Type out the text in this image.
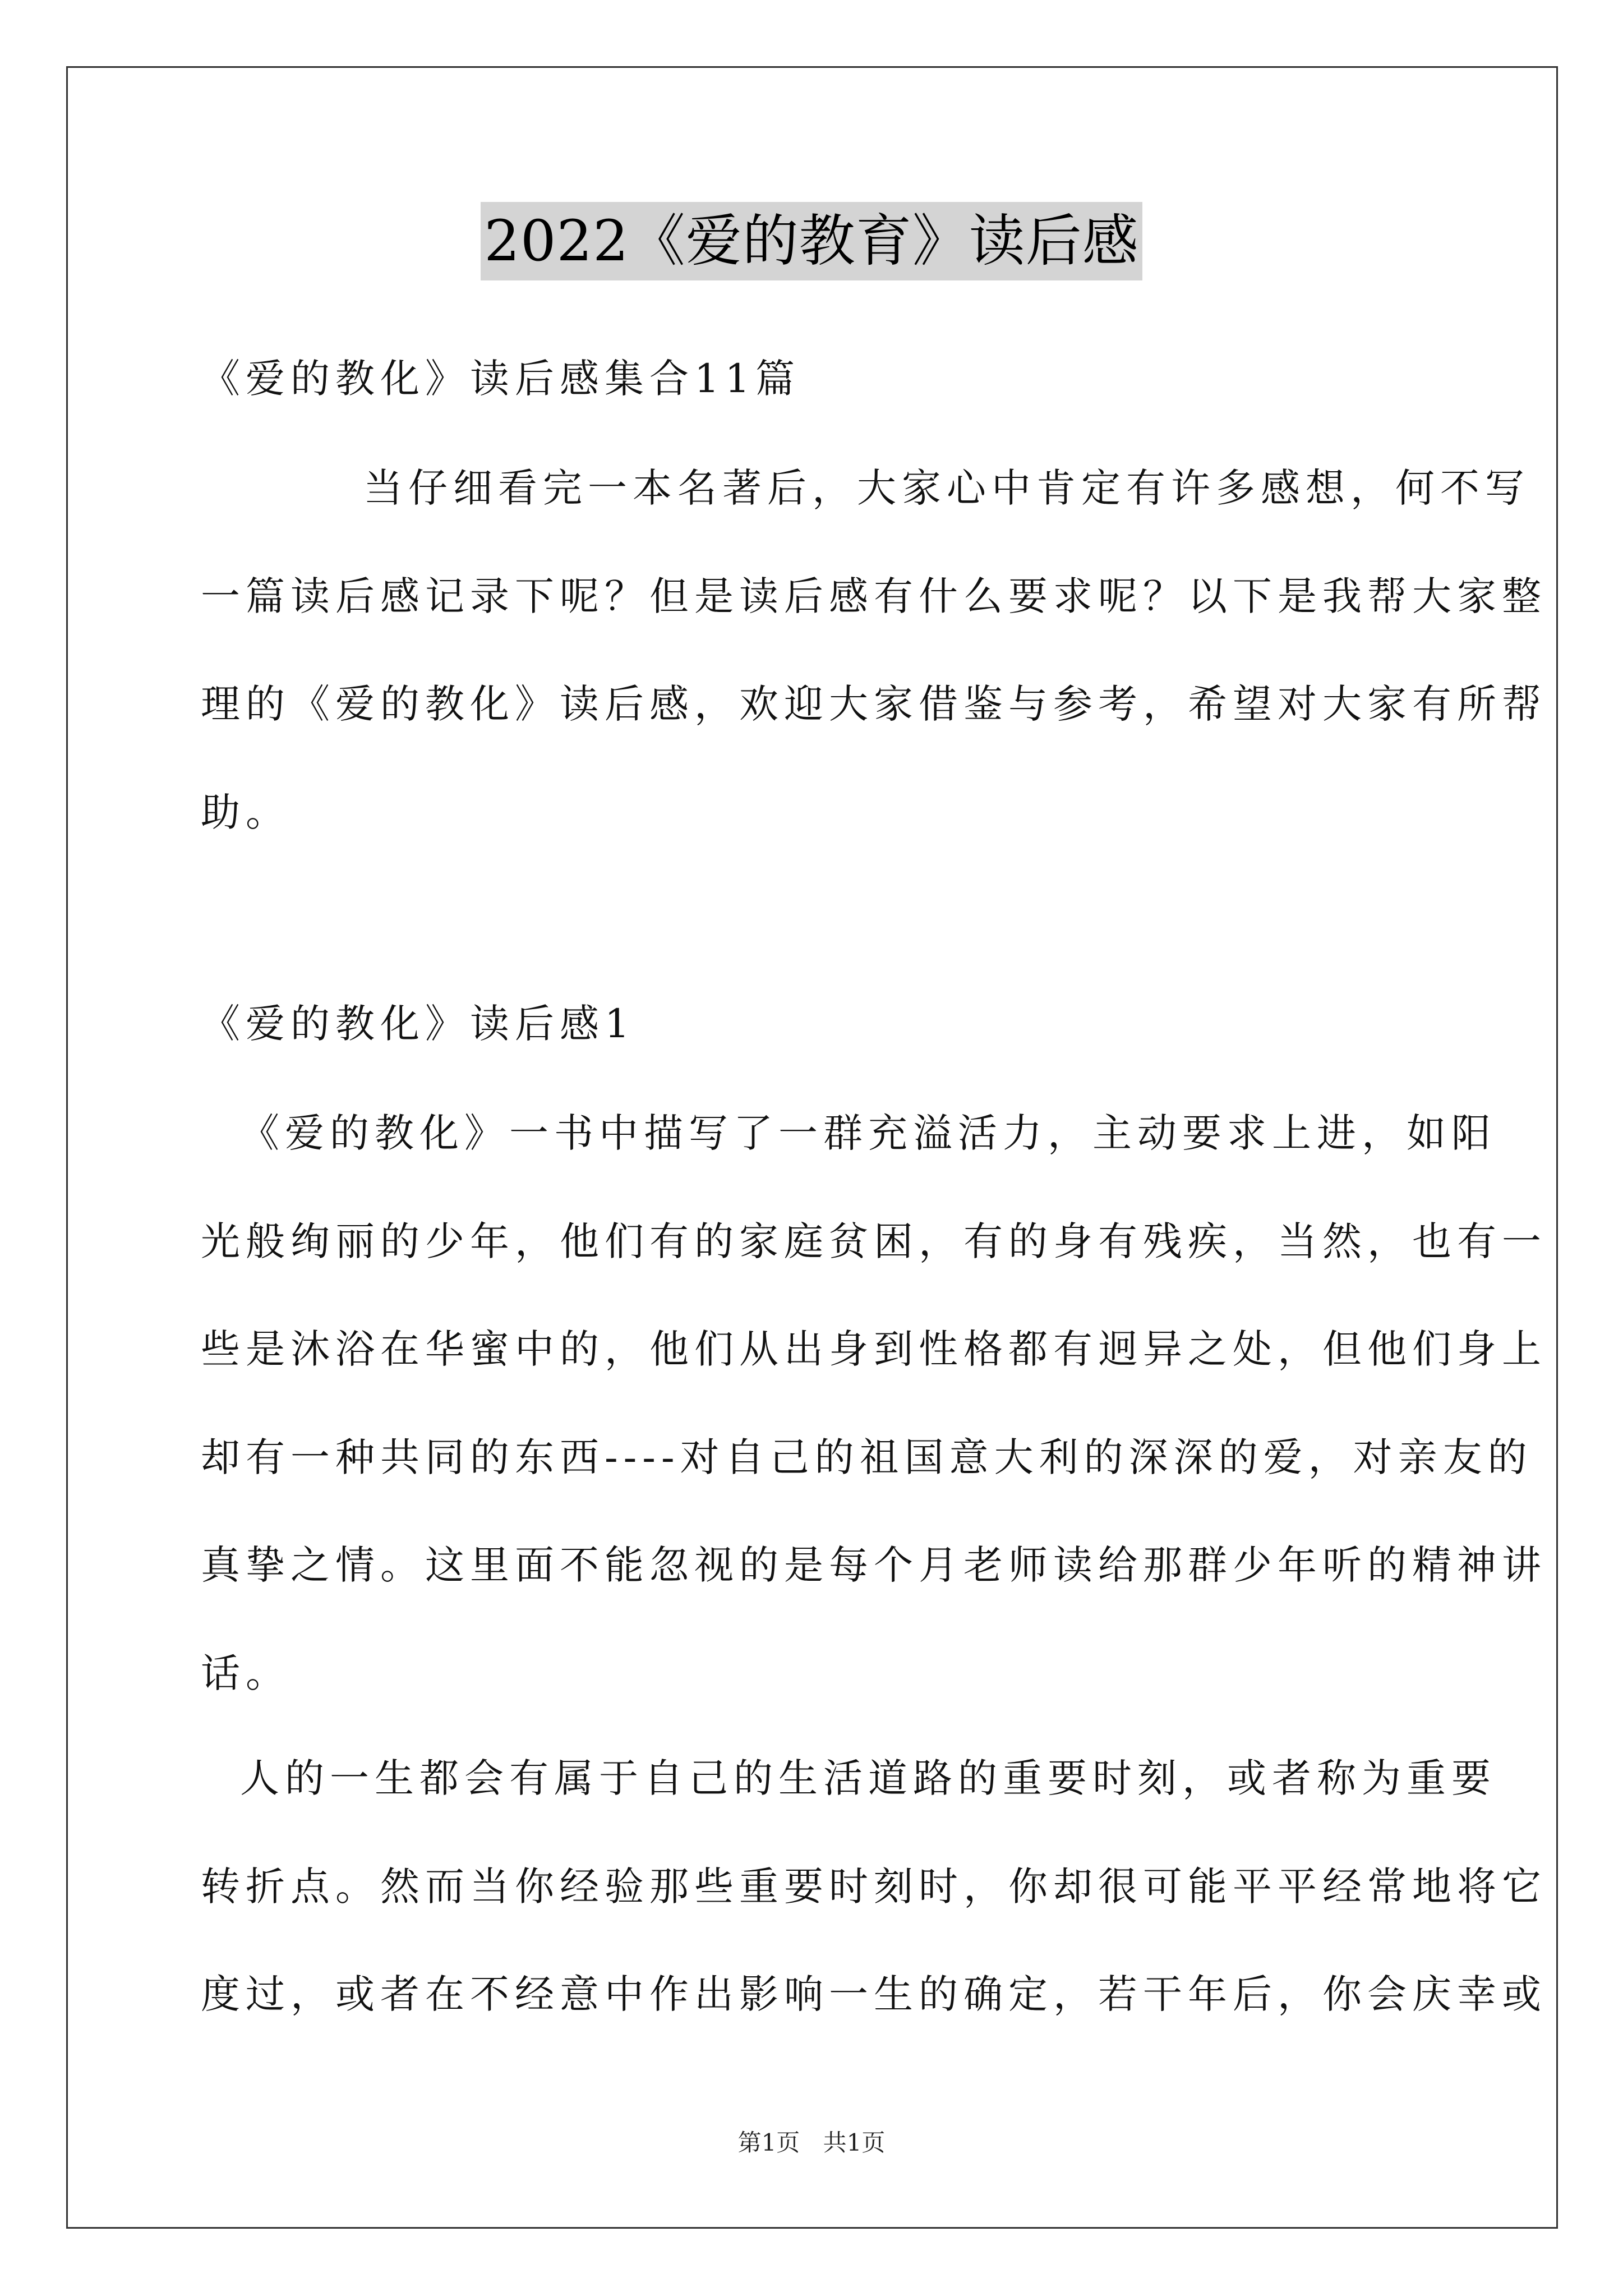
2022《爱的教育》读后感
《爱的教化》读后感集合11篇
当仔细看完一本名著后，大家心中肯定有许多感想，何不写
一篇读后感记录下呢？但是读后感有什么要求呢？以下是我帮大家整
理的《爱的教化》读后感，欢迎大家借鉴与参考，希望对大家有所帮
助。
《爱的教化》读后感1
《爱的教化》一书中描写了一群充溢活力，主动要求上进，如阳
光般绚丽的少年，他们有的家庭贫困，有的身有残疾，当然，也有一
些是沐浴在华蜜中的，他们从出身到性格都有迥异之处，但他们身上
却有一种共同的东西----对自己的祖国意大利的深深的爱，对亲友的
真挚之情。这里面不能忽视的是每个月老师读给那群少年听的精神讲
话。
人的一生都会有属于自己的生活道路的重要时刻，或者称为重要
转折点。然而当你经验那些重要时刻时，你却很可能平平经常地将它
度过，或者在不经意中作出影响一生的确定，若干年后，你会庆幸或
第1页 共1页
